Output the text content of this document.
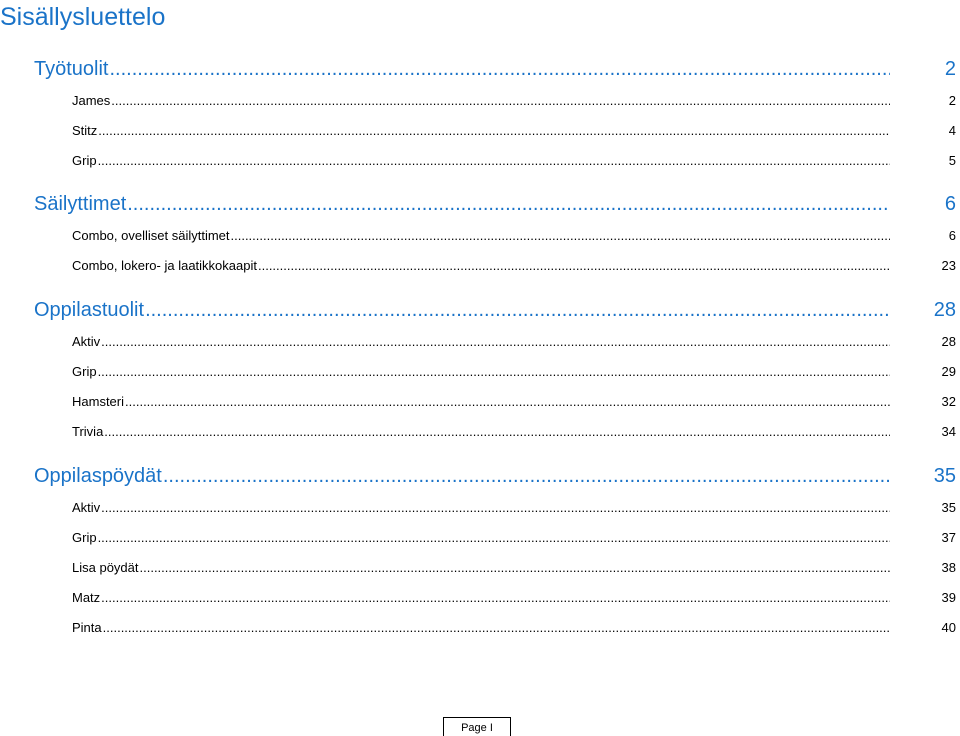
Sisällysluettelo
Työtuolit .....	2
James .....	2
Stitz .....	4
Grip .....	5
Säilyttimet .....	6
Combo, ovelliset säilyttimet .....	6
Combo, lokero- ja laatikkokaapit .....	23
Oppilastuolit .....	28
Aktiv .....	28
Grip .....	29
Hamsteri .....	32
Trivia .....	34
Oppilaspöydät .....	35
Aktiv .....	35
Grip .....	37
Lisa pöydät .....	38
Matz .....	39
Pinta .....	40
Page I
